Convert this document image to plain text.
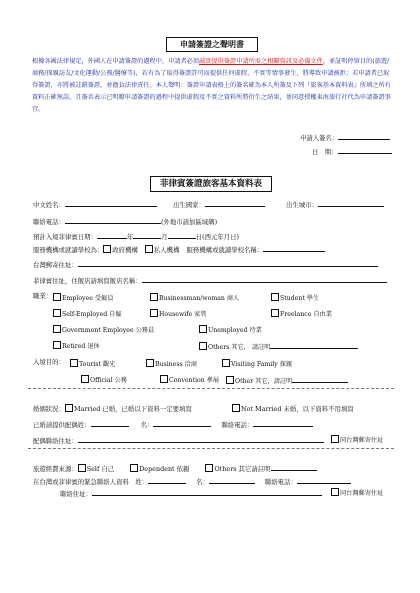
申請簽證之聲明書
根據各國法律規定，外國人在申請簽證的過程中，申請者必須誠實提供簽證申請所需之相關資訊及必備文件，並証明停留目的(旅遊/商務/探親訪友/文化運動/公務/醫療等)，若有為了取得簽證許可而提供任何虛假、不實等情事發生，將導致申請被拒；若申請者已取得簽證，亦將被註銷簽證，並擔負法律責任。本人聲明：簽證申請表格上的簽名確為本人所簽及下列『旅客基本資料表』所填之所有資料正確無誤，且簽名表示已明瞭申請簽證的過程中提供虛假及不實之資料所將衍生之結果，並同意授權東南旅行社代為申請簽證事宜。
申請人簽名：
日　期：
菲律賓簽證旅客基本資料表
中文姓名：	出生國家：	出生城市：
聯絡電話：	(外地市請加區域碼)
預計入境菲律賓日期：	年	月	日(西元年月日)
服務機構或就讀學校為： 政府機構	私人機構 服務機構或就讀學校名稱：
台灣郵寄住址：
菲律賓住址，住飯店請填寫飯店名稱：
職業：	Employee 受僱員	Businessman/woman 商人	Student 學生
Self-Employed 自僱	Housewife 家管	Freelance 自由業
Government Employee 公務員	Unemployed 待業
Retired 退休	Others 其它， 請註明
入境目的：	Tourist 觀光	Business 洽商	Visiting Family 探親
Official 公務	Convention 參展	Other 其它，請註明
婚姻狀況： Married 已婚，已婚以下資料一定要填寫	Not Married 未婚，以下資料不用填寫
已婚請提供配偶姓：	名：	聯絡電話：
配偶聯絡住址：	同台灣郵寄住址
旅遊經費來源： Self 自己	Dependent 依親	Others 其它請註明
在台灣或菲律賓的緊急聯絡人資料　姓：	名：	聯絡電話：
聯絡住址：	同台灣郵寄住址
